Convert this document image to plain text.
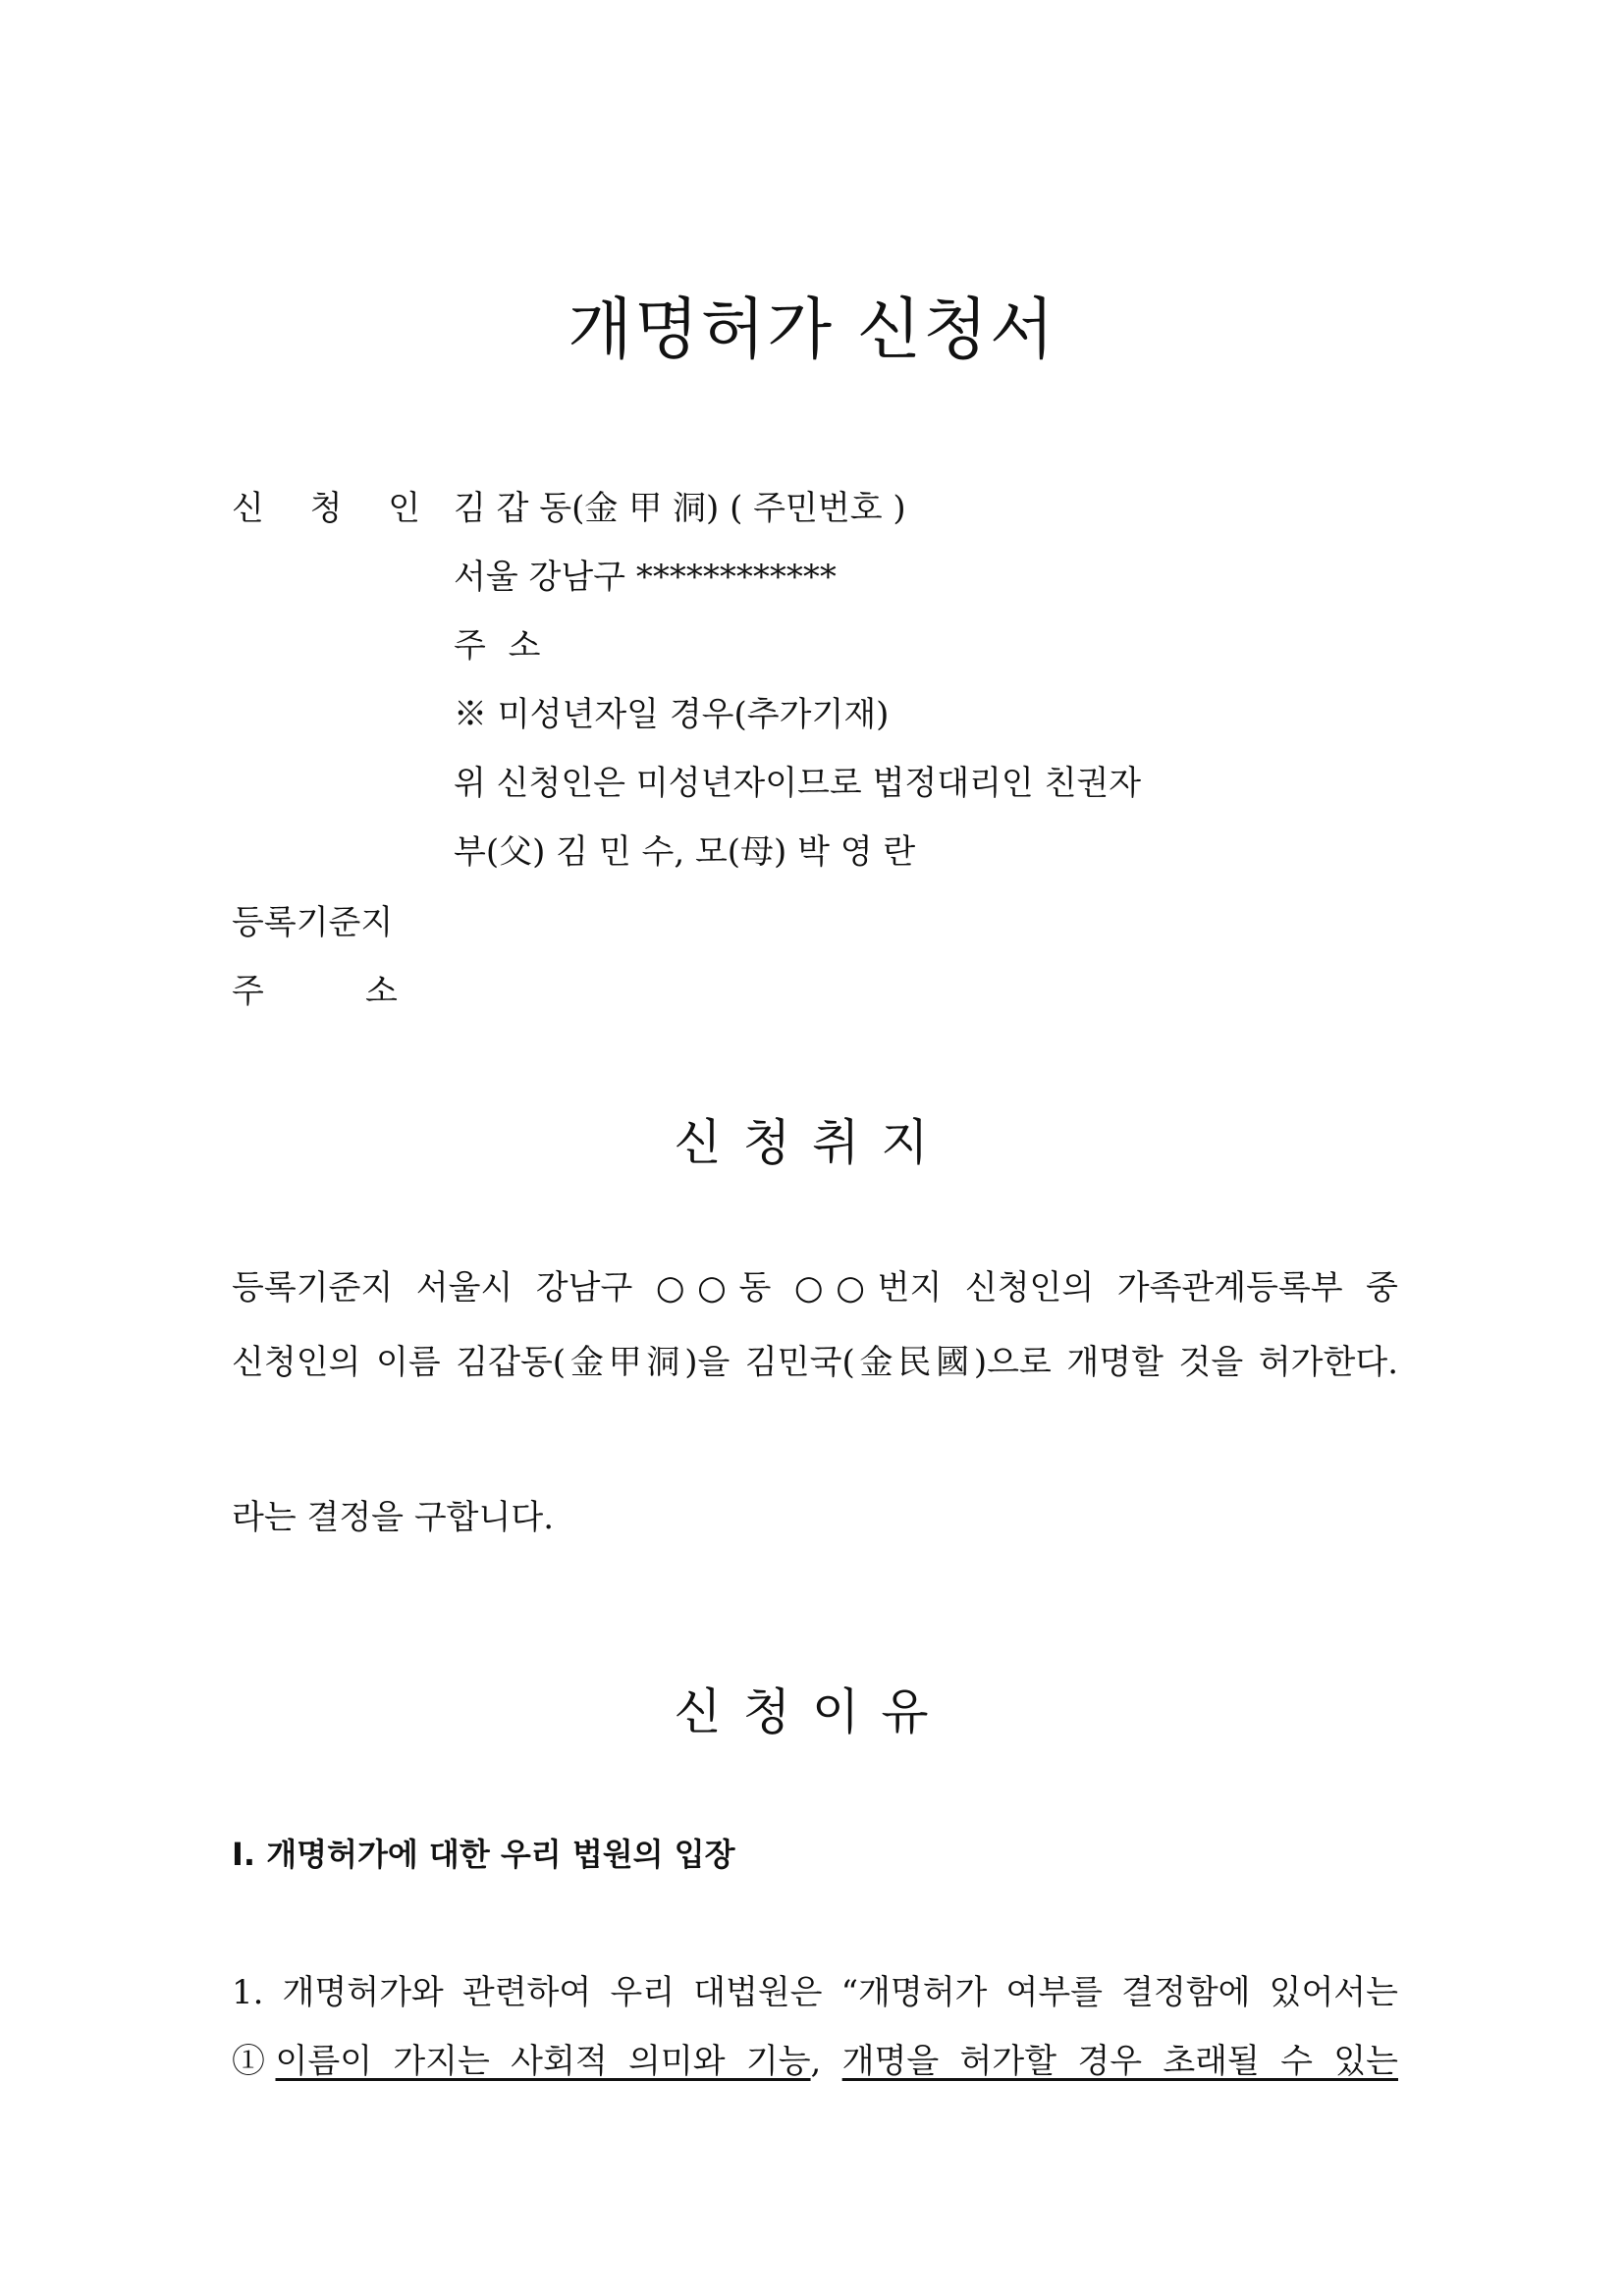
개명허가 신청서
신 청 인 김 갑 동(金 甲 洞) ( 주민번호 )
서울 강남구 ************
주 소
※ 미성년자일 경우(추가기재)
위 신청인은 미성년자이므로 법정대리인 친권자
부(父) 김 민 수, 모(母) 박 영 란
등록기준지
주	소
신청취지
등록기준지 서울시 강남구 ○○동 ○○번지 신청인의 가족관계등록부 중
신청인의 이름 김갑동(金甲洞)을 김민국(金民國)으로 개명할 것을 허가한다.
라는 결정을 구합니다.
신청이유
Ⅰ. 개명허가에 대한 우리 법원의 입장
1. 개명허가와 관련하여 우리 대법원은 “개명허가 여부를 결정함에 있어서는
①이름이 가지는 사회적 의미와 기능, 개명을 허가할 경우 초래될 수 있는
